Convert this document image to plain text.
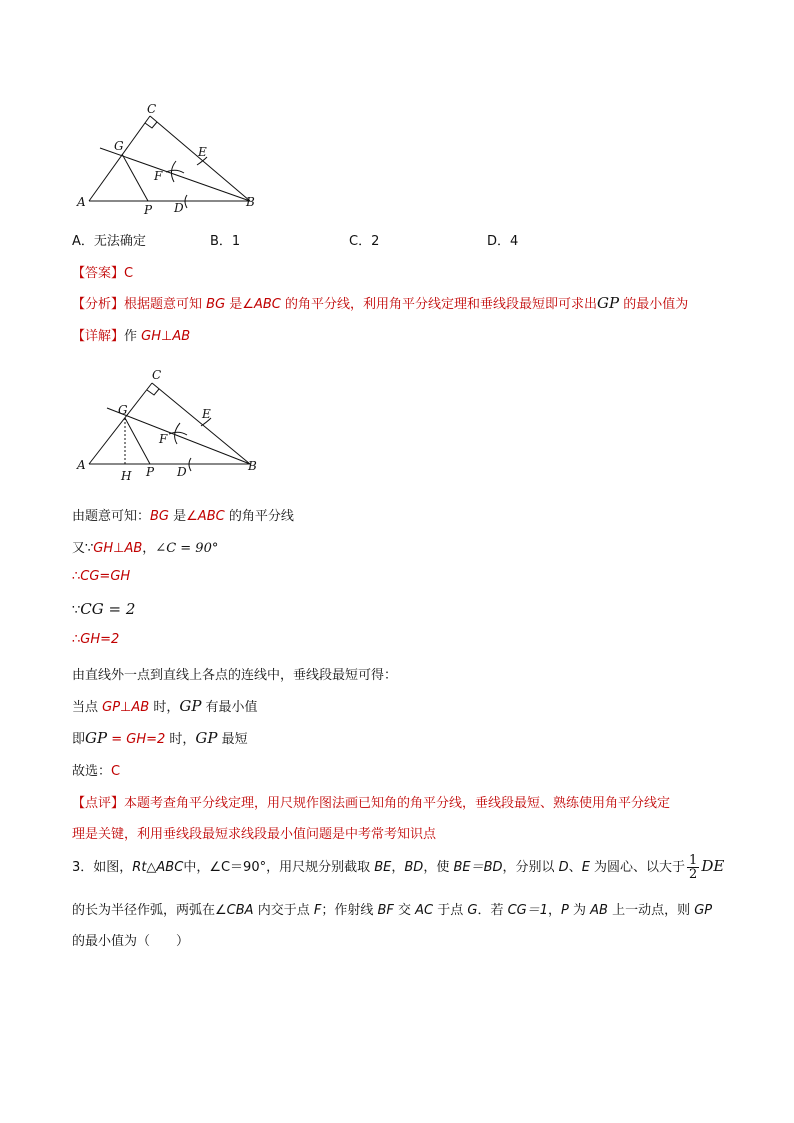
C
G	E
F
A
P D	B
A．无法确定	B．1	C．2	D．4
【答案】C
【分析】根据题意可知 BG 是∠ABC 的角平分线，利用角平分线定理和垂线段最短即可求出GP 的最小值为
【详解】作 GH⊥AB
C
G	E
F
A
H P D	B
由题意可知：BG 是∠ABC 的角平分线
又∵GH⊥AB，∠C = 90°
∴CG=GH
∵CG = 2
∴GH=2
由直线外一点到直线上各点的连线中，垂线段最短可得：
当点 GP⊥AB 时，GP 有最小值
即GP = GH=2 时，GP 最短
故选：C
【点评】本题考查角平分线定理，用尺规作图法画已知角的角平分线，垂线段最短、熟练使用角平分线定
理是关键，利用垂线段最短求线段最小值问题是中考常考知识点
3．如图，Rt△ABC中，∠C＝90°，用尺规分别截取 BE，BD，使 BE＝BD，分别以 D、E 为圆心、以大于 $\frac{1}{2}$ DE
的长为半径作弧，两弧在∠CBA 内交于点 F；作射线 BF 交 AC 于点 G．若 CG＝1，P 为 AB 上一动点，则 GP
的最小值为（　　）
